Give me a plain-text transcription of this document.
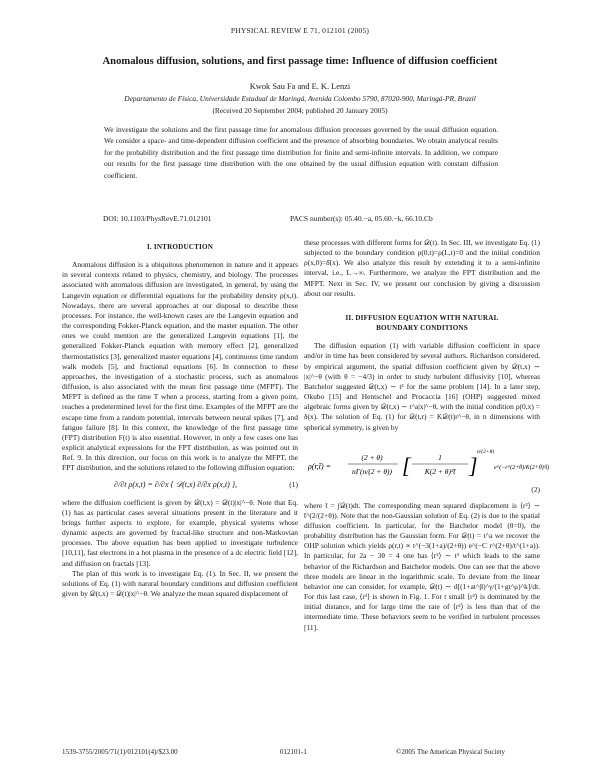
PHYSICAL REVIEW E 71, 012101 (2005)
Anomalous diffusion, solutions, and first passage time: Influence of diffusion coefficient
Kwok Sau Fa and E. K. Lenzi
Departamento de Física, Universidade Estadual de Maringá, Avenida Colombo 5790, 87020-900, Maringá-PR, Brazil
(Received 20 September 2004; published 20 January 2005)
We investigate the solutions and the first passage time for anomalous diffusion processes governed by the usual diffusion equation. We consider a space- and time-dependent diffusion coefficient and the presence of absorbing boundaries. We obtain analytical results for the probability distribution and the first passage time distribution for finite and semi-infinite intervals. In addition, we compare our results for the first passage time distribution with the one obtained by the usual diffusion equation with constant diffusion coefficient.
DOI: 10.1103/PhysRevE.71.012101	PACS number(s): 05.40.−a, 05.60.−k, 66.10.Cb
I. INTRODUCTION

Anomalous diffusion is a ubiquitous phenomenon in nature and it appears in several contexts related to physics, chemistry, and biology. The processes associated with anomalous diffusion are investigated, in general, by using the Langevin equation or differential equations for the probability density ρ(x,t). Nowadays, there are several approaches at our disposal to describe these processes. For instance, the well-known cases are the Langevin equation and the corresponding Fokker-Planck equation, and the master equation. The other ones we could mention are the generalized Langevin equations [1], the generalized Fokker-Planck equation with memory effect [2], generalized thermostatistics [3], generalized master equations [4], continuous time random walk models [5], and fractional equations [6]. In connection to these approaches, the investigation of a stochastic process, such as anomalous diffusion, is also associated with the mean first passage time (MFPT). The MFPT is defined as the time T when a process, starting from a given point, reaches a predetermined level for the first time. Examples of the MFPT are the escape time from a random potential, intervals between neural spikes [7], and fatigue failure [8]. In this context, the knowledge of the first passage time (FPT) distribution F(t) is also essential. However, in only a few cases one has explicit analytical expressions for the FPT distribution, as was pointed out in Ref. 9. In this direction, our focus on this work is to analyze the MFPT, the FPT distribution, and the solutions related to the following diffusion equation:

∂/∂t ρ(x,t) = ∂/∂x { 𝒟(t,x) ∂/∂x ρ(x,t) },	(1)

where the diffusion coefficient is given by 𝒟(t,x) = 𝒟(t)|x|^−θ. Note that Eq. (1) has as particular cases several situations present in the literature and it brings further aspects to explore, for example, physical systems whose dynamic aspects are governed by fractal-like structure and non-Markovian processes. The above equation has been applied to investigate turbulence [10,11], fast electrons in a hot plasma in the presence of a dc electric field [12], and diffusion on fractals [13].

The plan of this work is to investigate Eq. (1). In Sec. II, we present the solutions of Eq. (1) with natural boundary conditions and diffusion coefficient given by 𝒟(t,x) = 𝒟(t)|x|^−θ. We analyze the mean squared displacement of

these processes with different forms for 𝒟(t). In Sec. III, we investigate Eq. (1) subjected to the boundary condition ρ(0,t)=ρ(L,t)=0 and the initial condition ρ(x,0)=δ̄(x). We also analyze this result by extending it to a semi-infinite interval, i.e., L→∞. Furthermore, we analyze the FPT distribution and the MFPT. Next in Sec. IV, we present our conclusion by giving a discussion about our results.

II. DIFFUSION EQUATION WITH NATURAL
BOUNDARY CONDITIONS

The diffusion equation (1) with variable diffusion coefficient in space and/or in time has been considered by several authors. Richardson considered, by empirical argument, the spatial diffusion coefficient given by 𝒟(t,x) ∼ |x|^−θ (with θ = −4/3) in order to study turbulent diffusivity [10], whereas Batchelor suggested 𝒟(t,x) ∼ t² for the same problem [14]. In a later step, Okubo [15] and Hentschel and Procaccia [16] (OHP) suggested mixed algebraic forms given by 𝒟(t,x) ∼ t^a|x|^−θ, with the initial condition ρ(0,x) = δ(x). The solution of Eq. (1) for 𝒟(t,r) = K𝒟(t)r^−θ, in n dimensions with spherical symmetry, is given by

ρ(r,t̄) =
(2 + θ)
nΓ(n/(2 + θ)) [	1
K(2 + θ)²t̄ ]
n/(2+θ)
e^(−r^(2+θ)/K(2+θ)²t̄)
(2)

where t̄ = ∫𝒟(t)dt. The corresponding mean squared displacement is ⟨r²⟩ ∼ t̄^(2/(2+θ)). Note that the non-Gaussian solution of Eq. (2) is due to the spatial diffusion coefficient. In particular, for the Batchelor model (θ=0), the probability distribution has the Gaussian form. For 𝒟(t) = t^a we recover the OHP solution which yields ρ(r,t) ∝ t^(−3(1+a)/(2+θ)) e^(−C r^(2+θ)/t^(1+a)). In particular, for 2a − 3θ = 4 one has ⟨r²⟩ ∼ t³ which leads to the same behavior of the Richardson and Batchelor models. One can see that the above three models are linear in the logarithmic scale. To deviate from the linear behavior one can consider, for example, 𝒟(t) ∼ d[(1+at^β)^γ/(1+gt^μ)^k]/dt. For this last case, ⟨r²⟩ is shown in Fig. 1. For t small ⟨r²⟩ is dominated by the initial distance, and for large time the rate of ⟨r²⟩ is less than that of the intermediate time. These behaviors seem to be verified in turbulent processes [11].

1539-3755/2005/71(1)/012101(4)/$23.00	012101-1	©2005 The American Physical Society
